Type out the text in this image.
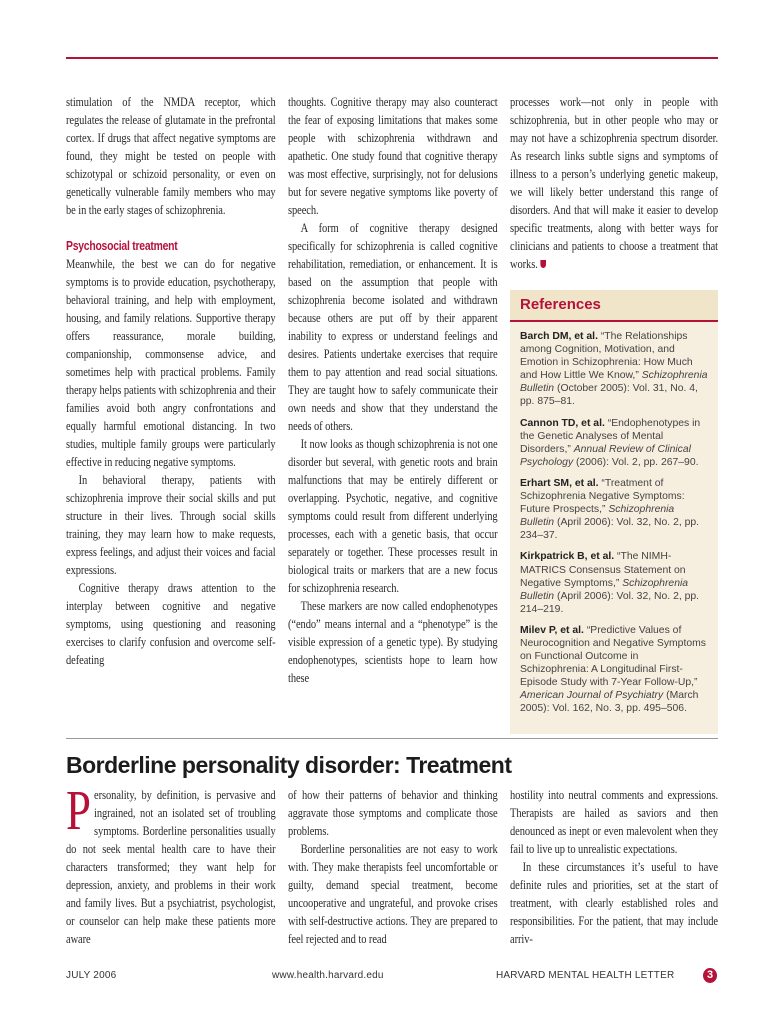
stimulation of the NMDA receptor, which regulates the release of glutamate in the prefrontal cortex. If drugs that affect negative symptoms are found, they might be tested on people with schizotypal or schizoid personality, or even on genetically vulnerable family members who may be in the early stages of schizophrenia.

Psychosocial treatment

Meanwhile, the best we can do for negative symptoms is to provide education, psychotherapy, behavioral training, and help with employment, housing, and family relations. Supportive therapy offers reassurance, morale building, companionship, commonsense advice, and sometimes help with practical problems. Family therapy helps patients with schizophrenia and their families avoid both angry confrontations and equally harmful emotional distancing. In two studies, multiple family groups were particularly effective in reducing negative symptoms.

In behavioral therapy, patients with schizophrenia improve their social skills and put structure in their lives. Through social skills training, they may learn how to make requests, express feelings, and adjust their voices and facial expressions.

Cognitive therapy draws attention to the interplay between cognitive and negative symptoms, using questioning and reasoning exercises to clarify confusion and overcome self-defeating

thoughts. Cognitive therapy may also counteract the fear of exposing limitations that makes some people with schizophrenia withdrawn and apathetic. One study found that cognitive therapy was most effective, surprisingly, not for delusions but for severe negative symptoms like poverty of speech.

A form of cognitive therapy designed specifically for schizophrenia is called cognitive rehabilitation, remediation, or enhancement. It is based on the assumption that people with schizophrenia become isolated and withdrawn because others are put off by their apparent inability to express or understand feelings and desires. Patients undertake exercises that require them to pay attention and read social situations. They are taught how to safely communicate their own needs and show that they understand the needs of others.

It now looks as though schizophrenia is not one disorder but several, with genetic roots and brain malfunctions that may be entirely different or overlapping. Psychotic, negative, and cognitive symptoms could result from different underlying processes, each with a genetic basis, that occur separately or together. These processes result in biological traits or markers that are a new focus for schizophrenia research.

These markers are now called endophenotypes (“endo” means internal and a “phenotype” is the visible expression of a genetic type). By studying endophenotypes, scientists hope to learn how these

processes work—not only in people with schizophrenia, but in other people who may or may not have a schizophrenia spectrum disorder. As research links subtle signs and symptoms of illness to a person’s underlying genetic makeup, we will likely better understand this range of disorders. And that will make it easier to develop specific treatments, along with better ways for clinicians and patients to choose a treatment that works.

References
Barch DM, et al. “The Relationships among Cognition, Motivation, and Emotion in Schizophrenia: How Much and How Little We Know,” Schizophrenia Bulletin (October 2005): Vol. 31, No. 4, pp. 875–81.
Cannon TD, et al. “Endophenotypes in the Genetic Analyses of Mental Disorders,” Annual Review of Clinical Psychology (2006): Vol. 2, pp. 267–90.
Erhart SM, et al. “Treatment of Schizophrenia Negative Symptoms: Future Prospects,” Schizophrenia Bulletin (April 2006): Vol. 32, No. 2, pp. 234–37.
Kirkpatrick B, et al. “The NIMH-MATRICS Consensus Statement on Negative Symptoms,” Schizophrenia Bulletin (April 2006): Vol. 32, No. 2, pp. 214–219.
Milev P, et al. “Predictive Values of Neurocognition and Negative Symptoms on Functional Outcome in Schizophrenia: A Longitudinal First-Episode Study with 7-Year Follow-Up,” American Journal of Psychiatry (March 2005): Vol. 162, No. 3, pp. 495–506.
Borderline personality disorder: Treatment

Personality, by definition, is pervasive and ingrained, not an isolated set of troubling symptoms. Borderline personalities usually do not seek mental health care to have their characters transformed; they want help for depression, anxiety, and problems in their work and family lives. But a psychiatrist, psychologist, or counselor can help make these patients more aware

of how their patterns of behavior and thinking aggravate those symptoms and complicate those problems.

Borderline personalities are not easy to work with. They make therapists feel uncomfortable or guilty, demand special treatment, become uncooperative and ungrateful, and provoke crises with self-destructive actions. They are prepared to feel rejected and to read

hostility into neutral comments and expressions. Therapists are hailed as saviors and then denounced as inept or even malevolent when they fail to live up to unrealistic expectations.

In these circumstances it’s useful to have definite rules and priorities, set at the start of treatment, with clearly established roles and responsibilities. For the patient, that may include arriv-

JULY 2006	www.health.harvard.edu	HARVARD MENTAL HEALTH LETTER	3
